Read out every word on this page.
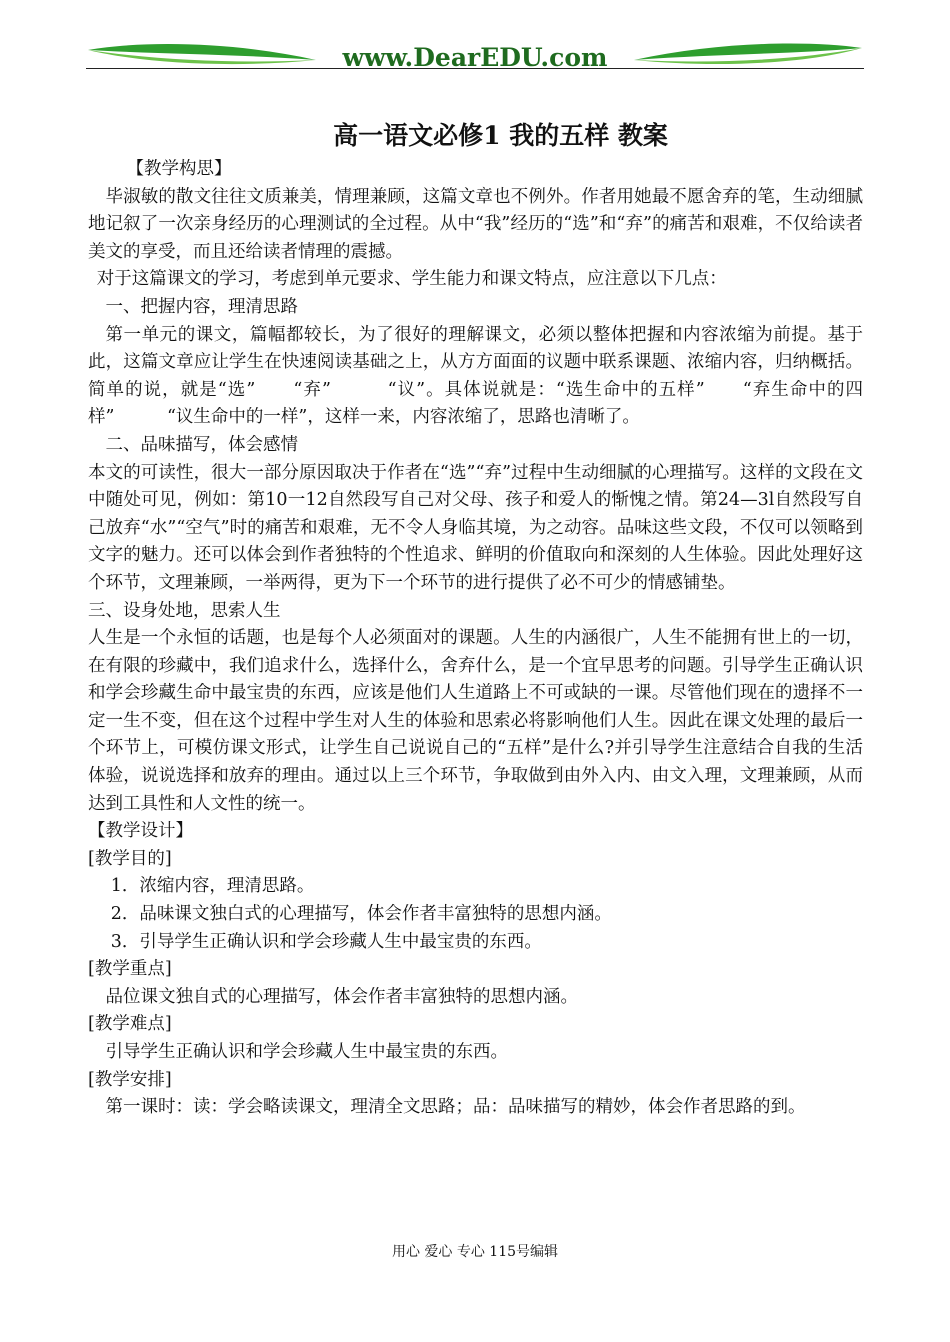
www.DearEDU.com
高一语文必修1 我的五样 教案

【教学构思】

毕淑敏的散文往往文质兼美，情理兼顾，这篇文章也不例外。作者用她最不愿舍弃的笔，生动细腻地记叙了一次亲身经历的心理测试的全过程。从中“我”经历的“选”和“弃”的痛苦和艰难，不仅给读者美文的享受，而且还给读者情理的震撼。

对于这篇课文的学习，考虑到单元要求、学生能力和课文特点，应注意以下几点：

一、把握内容，理清思路

第一单元的课文，篇幅都较长，为了很好的理解课文，必须以整体把握和内容浓缩为前提。基于此，这篇文章应让学生在快速阅读基础之上，从方方面面的议题中联系课题、浓缩内容，归纳概括。简单的说，就是“选”　　“弃”　　　“议”。具体说就是：“选生命中的五样”　　“弃生命中的四样”　　　“议生命中的一样”，这样一来，内容浓缩了，思路也清晰了。

二、品味描写，体会感情

本文的可读性，很大一部分原因取决于作者在“选”“弃”过程中生动细腻的心理描写。这样的文段在文中随处可见，例如：第10一12自然段写自己对父母、孩子和爱人的惭愧之情。第24—3l自然段写自己放弃“水”“空气”时的痛苦和艰难，无不令人身临其境，为之动容。品味这些文段，不仅可以领略到文字的魅力。还可以体会到作者独特的个性追求、鲜明的价值取向和深刻的人生体验。因此处理好这个环节，文理兼顾，一举两得，更为下一个环节的进行提供了必不可少的情感铺垫。

三、设身处地，思索人生

人生是一个永恒的话题，也是每个人必须面对的课题。人生的内涵很广，人生不能拥有世上的一切，在有限的珍藏中，我们追求什么，选择什么，舍弃什么，是一个宜早思考的问题。引导学生正确认识和学会珍藏生命中最宝贵的东西，应该是他们人生道路上不可或缺的一课。尽管他们现在的遗择不一定一生不变，但在这个过程中学生对人生的体验和思索必将影响他们人生。因此在课文处理的最后一个环节上，可模仿课文形式，让学生自己说说自己的“五样”是什么?并引导学生注意结合自我的生活体验，说说选择和放弃的理由。通过以上三个环节，争取做到由外入内、由文入理，文理兼顾，从而达到工具性和人文性的统一。

【教学设计】

[教学目的]

1．浓缩内容，理清思路。

2．品味课文独白式的心理描写，体会作者丰富独特的思想内涵。

3．引导学生正确认识和学会珍藏人生中最宝贵的东西。

[教学重点]

品位课文独自式的心理描写，体会作者丰富独特的思想内涵。

[教学难点]

引导学生正确认识和学会珍藏人生中最宝贵的东西。

[教学安排]

第一课时：读：学会略读课文，理清全文思路；品：品味描写的精妙，体会作者思路的到。

用心 爱心 专心 115号编辑
